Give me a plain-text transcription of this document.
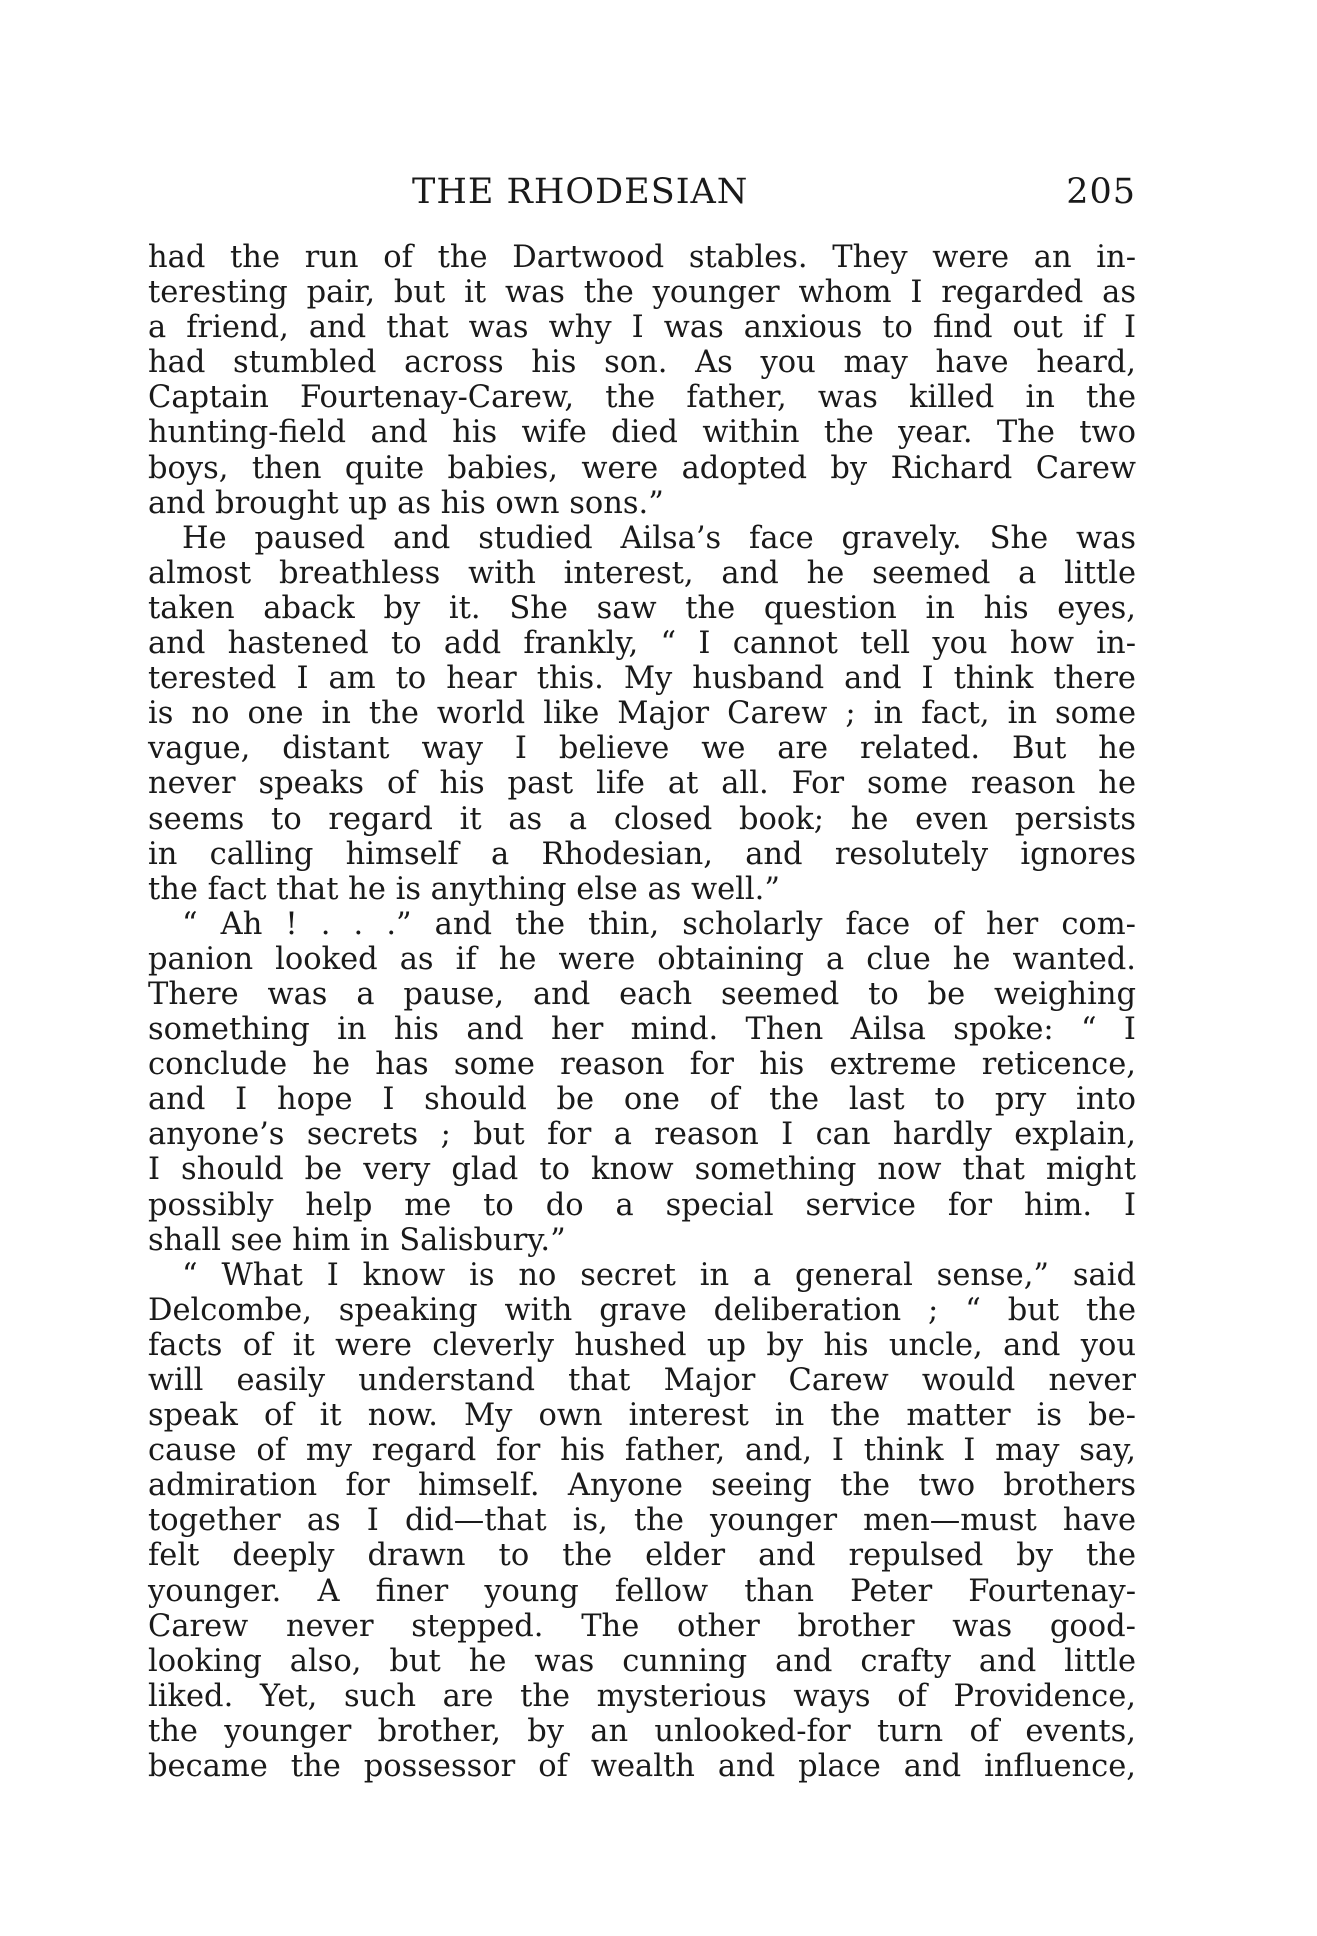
THE RHODESIAN	205
had the run of the Dartwood stables. They were an in-
teresting pair, but it was the younger whom I regarded as
a friend, and that was why I was anxious to find out if I
had stumbled across his son. As you may have heard,
Captain Fourtenay-Carew, the father, was killed in the
hunting-field and his wife died within the year. The two
boys, then quite babies, were adopted by Richard Carew
and brought up as his own sons.”
He paused and studied Ailsa’s face gravely. She was
almost breathless with interest, and he seemed a little
taken aback by it. She saw the question in his eyes,
and hastened to add frankly, “ I cannot tell you how in-
terested I am to hear this. My husband and I think there
is no one in the world like Major Carew ; in fact, in some
vague, distant way I believe we are related. But he
never speaks of his past life at all. For some reason he
seems to regard it as a closed book; he even persists
in calling himself a Rhodesian, and resolutely ignores
the fact that he is anything else as well.”
“ Ah ! . . .” and the thin, scholarly face of her com-
panion looked as if he were obtaining a clue he wanted.
There was a pause, and each seemed to be weighing
something in his and her mind. Then Ailsa spoke: “ I
conclude he has some reason for his extreme reticence,
and I hope I should be one of the last to pry into
anyone’s secrets ; but for a reason I can hardly explain,
I should be very glad to know something now that might
possibly help me to do a special service for him. I
shall see him in Salisbury.”
“ What I know is no secret in a general sense,” said
Delcombe, speaking with grave deliberation ; “ but the
facts of it were cleverly hushed up by his uncle, and you
will easily understand that Major Carew would never
speak of it now. My own interest in the matter is be-
cause of my regard for his father, and, I think I may say,
admiration for himself. Anyone seeing the two brothers
together as I did—that is, the younger men—must have
felt deeply drawn to the elder and repulsed by the
younger. A finer young fellow than Peter Fourtenay-
Carew never stepped. The other brother was good-
looking also, but he was cunning and crafty and little
liked. Yet, such are the mysterious ways of Providence,
the younger brother, by an unlooked-for turn of events,
became the possessor of wealth and place and influence,
